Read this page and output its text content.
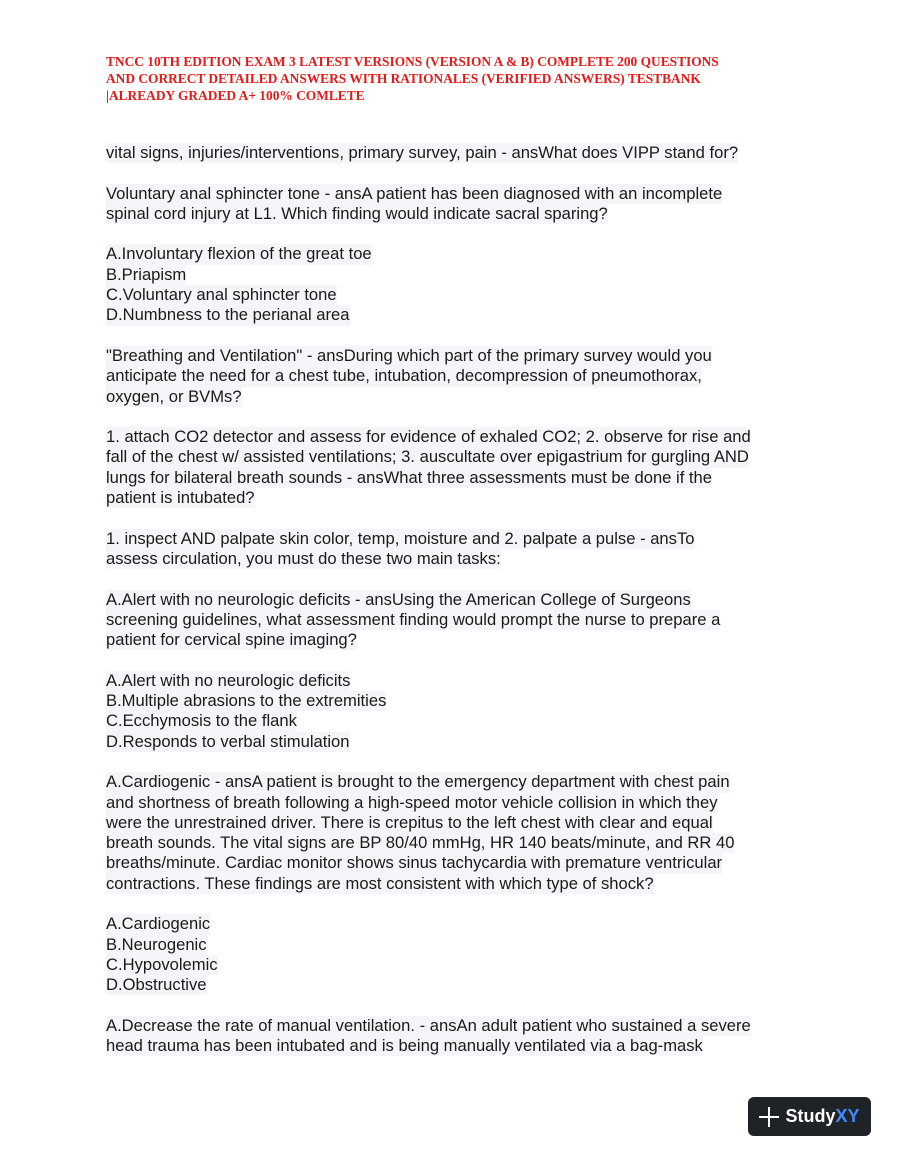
TNCC 10TH EDITION EXAM 3 LATEST VERSIONS (VERSION A & B) COMPLETE 200 QUESTIONS
AND CORRECT DETAILED ANSWERS WITH RATIONALES (VERIFIED ANSWERS) TESTBANK
|ALREADY GRADED A+ 100% COMLETE
vital signs, injuries/interventions, primary survey, pain - ansWhat does VIPP stand for?
Voluntary anal sphincter tone - ansA patient has been diagnosed with an incomplete
spinal cord injury at L1. Which finding would indicate sacral sparing?
A.Involuntary flexion of the great toe
B.Priapism
C.Voluntary anal sphincter tone
D.Numbness to the perianal area
"Breathing and Ventilation" - ansDuring which part of the primary survey would you
anticipate the need for a chest tube, intubation, decompression of pneumothorax,
oxygen, or BVMs?
1. attach CO2 detector and assess for evidence of exhaled CO2; 2. observe for rise and
fall of the chest w/ assisted ventilations; 3. auscultate over epigastrium for gurgling AND
lungs for bilateral breath sounds - ansWhat three assessments must be done if the
patient is intubated?
1. inspect AND palpate skin color, temp, moisture and 2. palpate a pulse - ansTo
assess circulation, you must do these two main tasks:
A.Alert with no neurologic deficits - ansUsing the American College of Surgeons
screening guidelines, what assessment finding would prompt the nurse to prepare a
patient for cervical spine imaging?
A.Alert with no neurologic deficits
B.Multiple abrasions to the extremities
C.Ecchymosis to the flank
D.Responds to verbal stimulation
A.Cardiogenic - ansA patient is brought to the emergency department with chest pain
and shortness of breath following a high-speed motor vehicle collision in which they
were the unrestrained driver. There is crepitus to the left chest with clear and equal
breath sounds. The vital signs are BP 80/40 mmHg, HR 140 beats/minute, and RR 40
breaths/minute. Cardiac monitor shows sinus tachycardia with premature ventricular
contractions. These findings are most consistent with which type of shock?
A.Cardiogenic
B.Neurogenic
C.Hypovolemic
D.Obstructive
A.Decrease the rate of manual ventilation. - ansAn adult patient who sustained a severe
head trauma has been intubated and is being manually ventilated via a bag-mask
StudyXY
